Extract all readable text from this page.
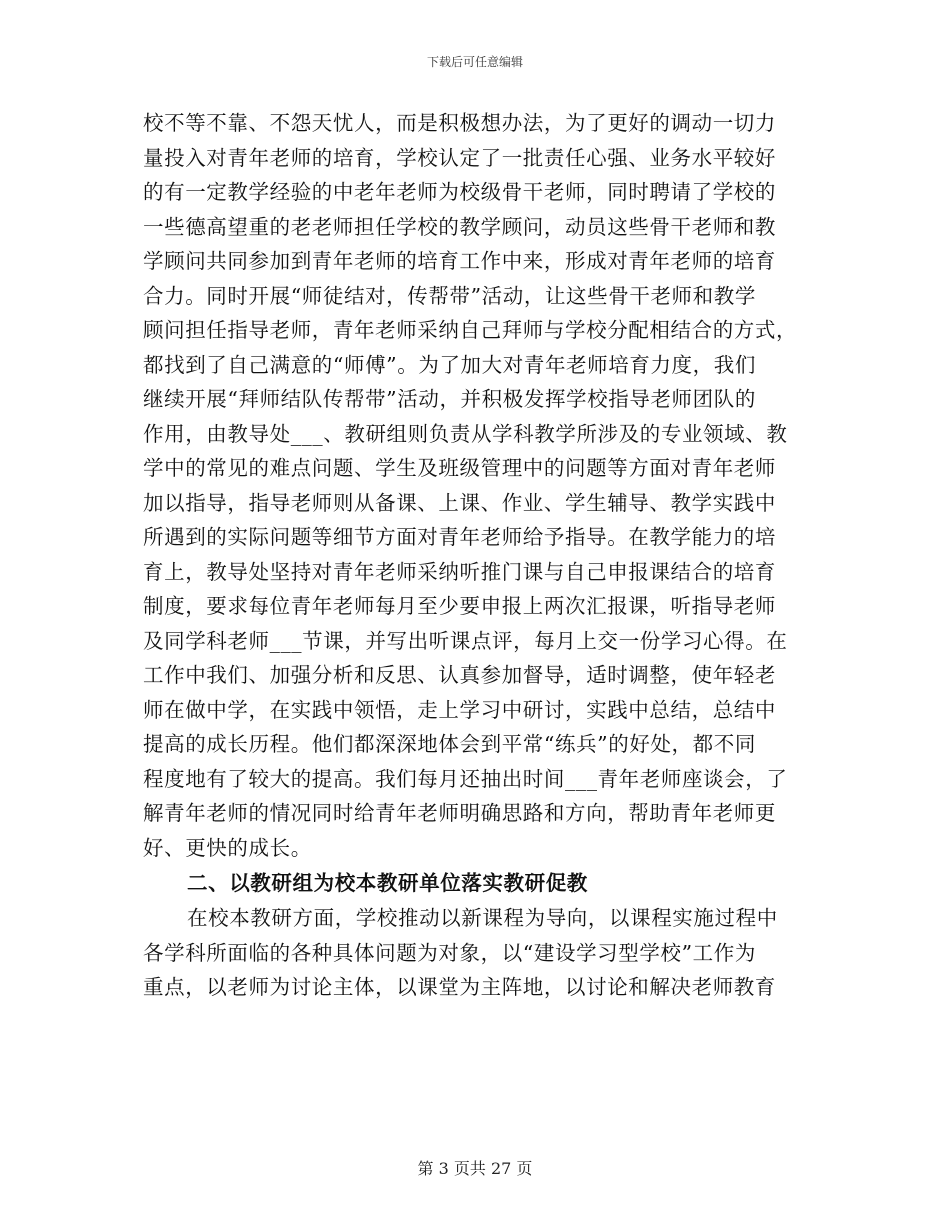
下载后可任意编辑

校不等不靠、不怨天忧人，而是积极想办法，为了更好的调动一切力
量投入对青年老师的培育，学校认定了一批责任心强、业务水平较好
的有一定教学经验的中老年老师为校级骨干老师，同时聘请了学校的
一些德高望重的老老师担任学校的教学顾问，动员这些骨干老师和教
学顾问共同参加到青年老师的培育工作中来，形成对青年老师的培育
合力。同时开展“师徒结对，传帮带”活动，让这些骨干老师和教学
顾问担任指导老师，青年老师采纳自己拜师与学校分配相结合的方式，
都找到了自己满意的“师傅”。为了加大对青年老师培育力度，我们
继续开展“拜师结队传帮带”活动，并积极发挥学校指导老师团队的
作用，由教导处___、教研组则负责从学科教学所涉及的专业领域、教
学中的常见的难点问题、学生及班级管理中的问题等方面对青年老师
加以指导，指导老师则从备课、上课、作业、学生辅导、教学实践中
所遇到的实际问题等细节方面对青年老师给予指导。在教学能力的培
育上，教导处坚持对青年老师采纳听推门课与自己申报课结合的培育
制度，要求每位青年老师每月至少要申报上两次汇报课，听指导老师
及同学科老师___节课，并写出听课点评，每月上交一份学习心得。在
工作中我们、加强分析和反思、认真参加督导，适时调整，使年轻老
师在做中学，在实践中领悟，走上学习中研讨，实践中总结，总结中
提高的成长历程。他们都深深地体会到平常“练兵”的好处，都不同
程度地有了较大的提高。我们每月还抽出时间___青年老师座谈会，了
解青年老师的情况同时给青年老师明确思路和方向，帮助青年老师更
好、更快的成长。

二、以教研组为校本教研单位落实教研促教

在校本教研方面，学校推动以新课程为导向，以课程实施过程中
各学科所面临的各种具体问题为对象，以“建设学习型学校”工作为
重点，以老师为讨论主体，以课堂为主阵地，以讨论和解决老师教育

第 3 页共 27 页
